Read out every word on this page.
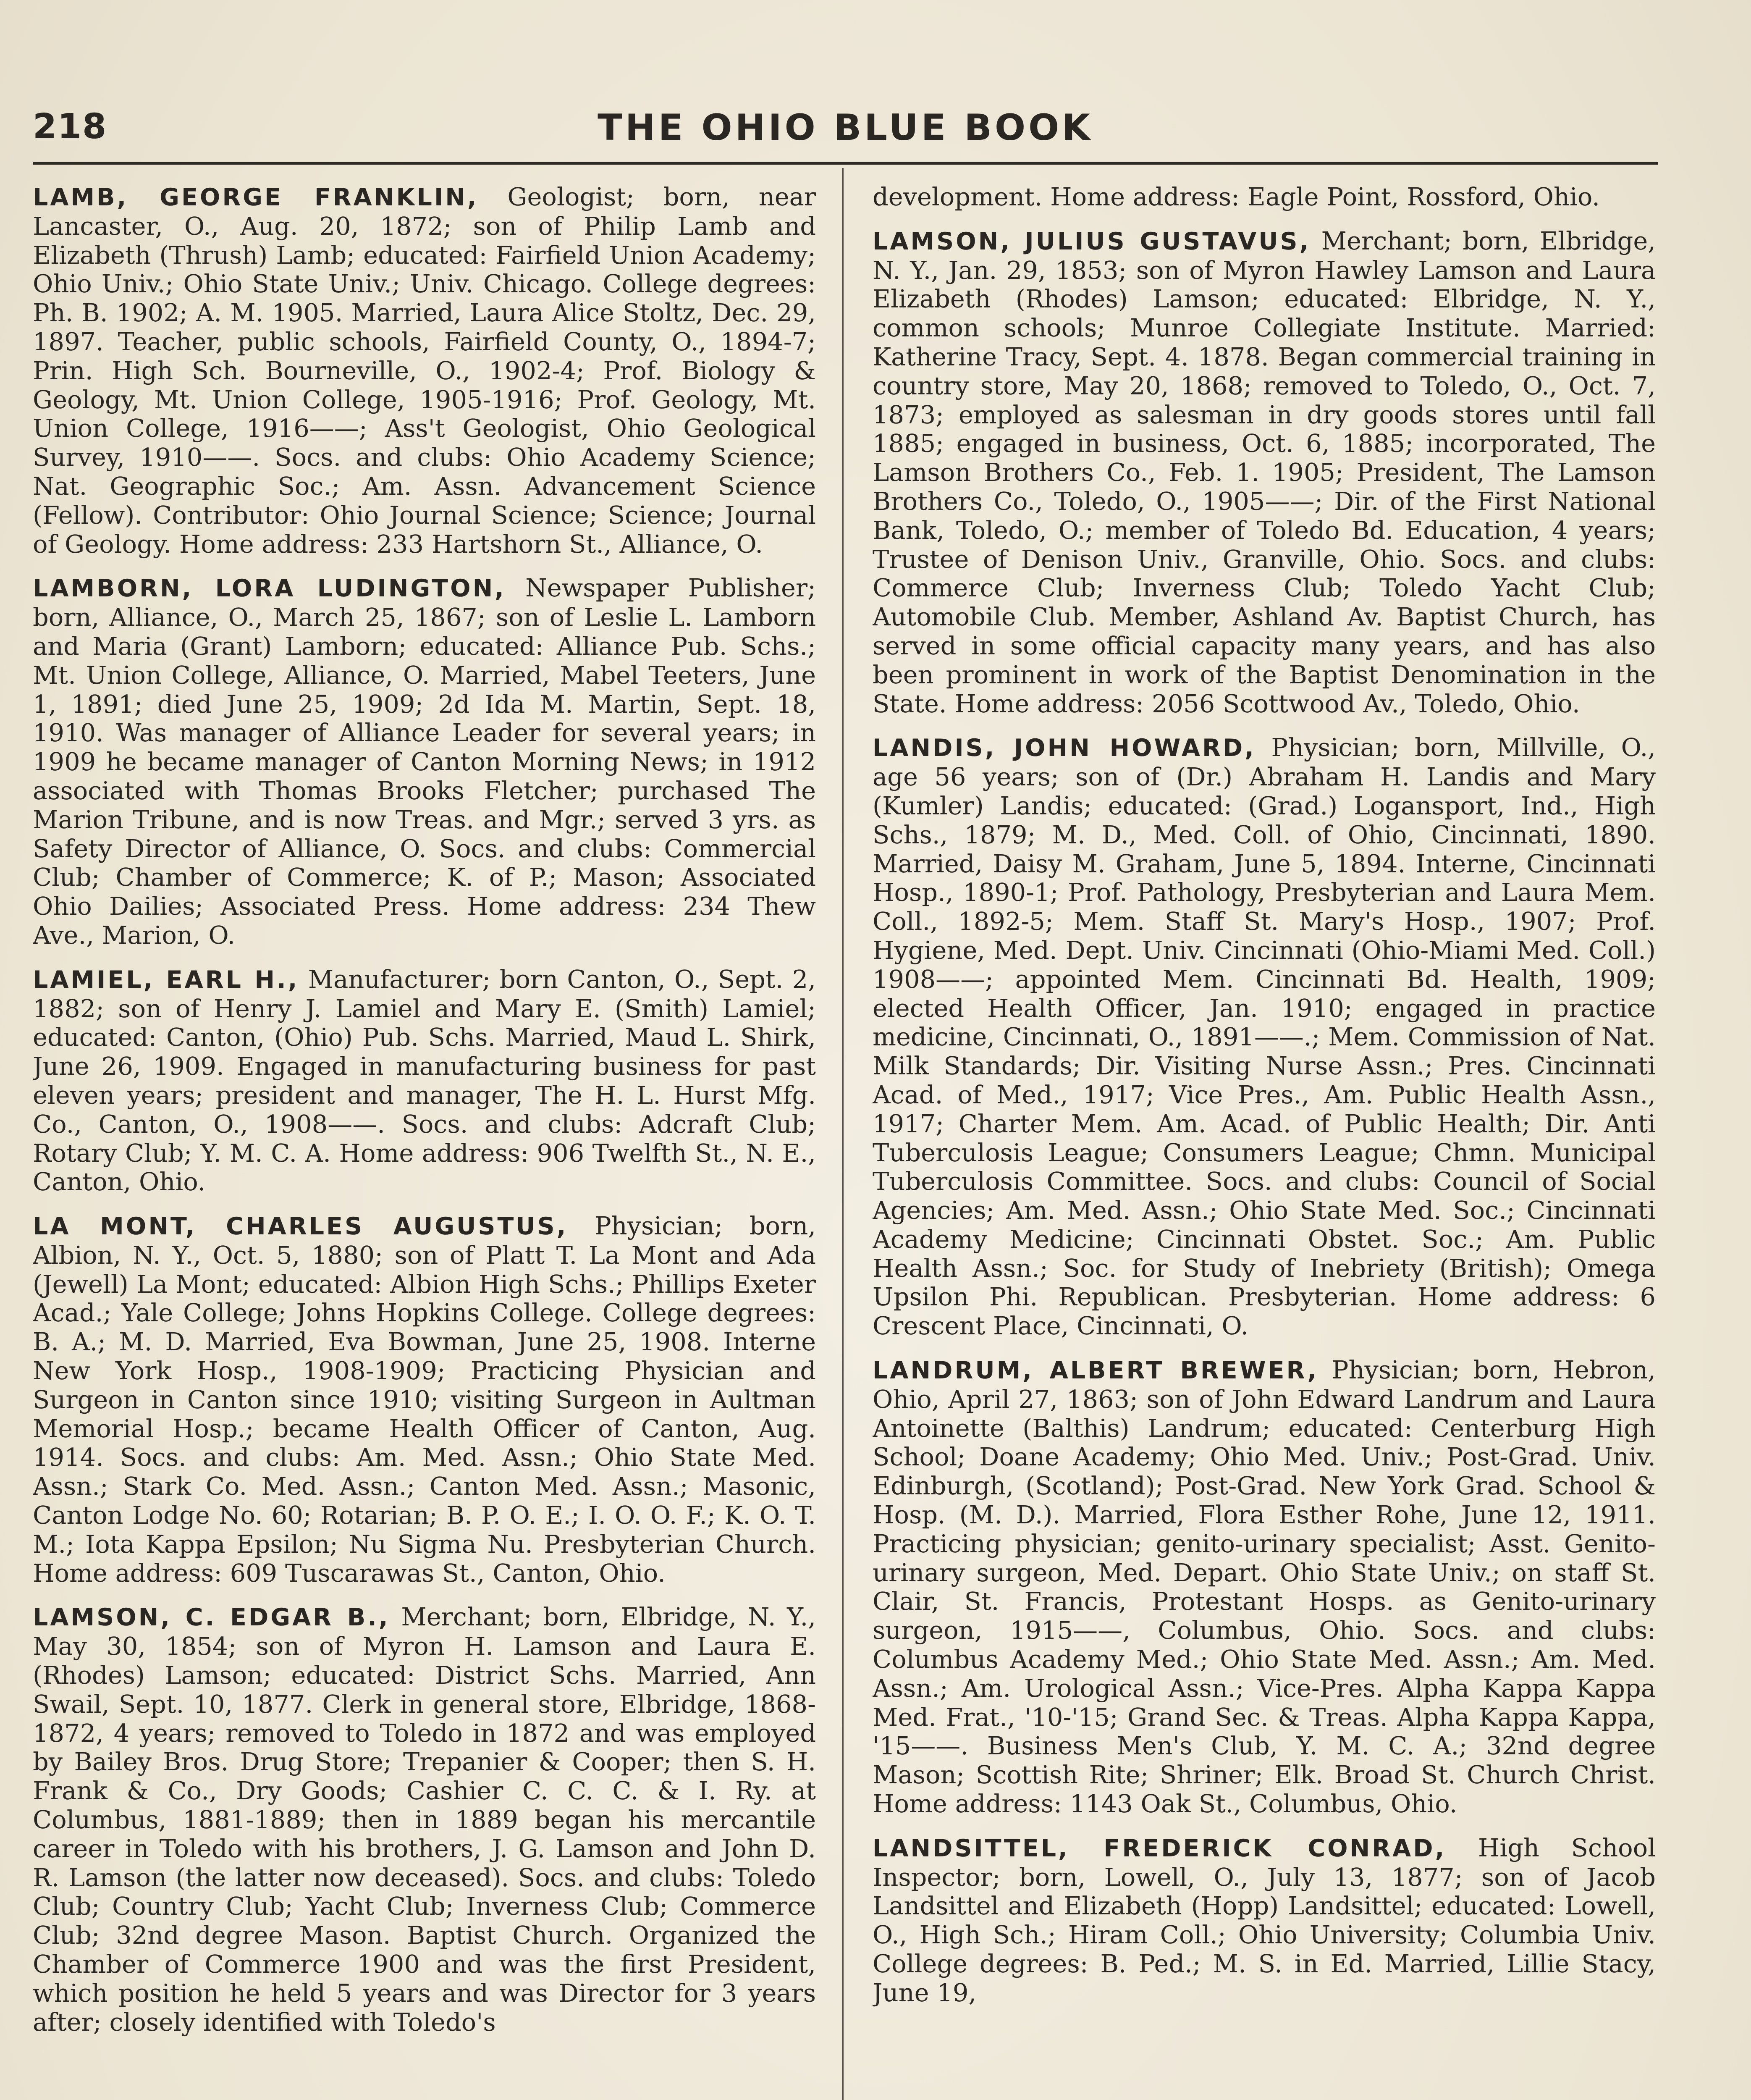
218	THE OHIO BLUE BOOK

LAMB, GEORGE FRANKLIN, Geologist; born, near Lancaster, O., Aug. 20, 1872; son of Philip Lamb and Elizabeth (Thrush) Lamb; educated: Fairfield Union Academy; Ohio Univ.; Ohio State Univ.; Univ. Chicago. College degrees: Ph. B. 1902; A. M. 1905. Married, Laura Alice Stoltz, Dec. 29, 1897. Teacher, public schools, Fairfield County, O., 1894-7; Prin. High Sch. Bourneville, O., 1902-4; Prof. Biology & Geology, Mt. Union College, 1905-1916; Prof. Geology, Mt. Union College, 1916——; Ass't Geologist, Ohio Geological Survey, 1910——. Socs. and clubs: Ohio Academy Science; Nat. Geographic Soc.; Am. Assn. Advancement Science (Fellow). Contributor: Ohio Journal Science; Science; Journal of Geology. Home address: 233 Hartshorn St., Alliance, O.

LAMBORN, LORA LUDINGTON, Newspaper Publisher; born, Alliance, O., March 25, 1867; son of Leslie L. Lamborn and Maria (Grant) Lamborn; educated: Alliance Pub. Schs.; Mt. Union College, Alliance, O. Married, Mabel Teeters, June 1, 1891; died June 25, 1909; 2d Ida M. Martin, Sept. 18, 1910. Was manager of Alliance Leader for several years; in 1909 he became manager of Canton Morning News; in 1912 associated with Thomas Brooks Fletcher; purchased The Marion Tribune, and is now Treas. and Mgr.; served 3 yrs. as Safety Director of Alliance, O. Socs. and clubs: Commercial Club; Chamber of Commerce; K. of P.; Mason; Associated Ohio Dailies; Associated Press. Home address: 234 Thew Ave., Marion, O.

LAMIEL, EARL H., Manufacturer; born Canton, O., Sept. 2, 1882; son of Henry J. Lamiel and Mary E. (Smith) Lamiel; educated: Canton, (Ohio) Pub. Schs. Married, Maud L. Shirk, June 26, 1909. Engaged in manufacturing business for past eleven years; president and manager, The H. L. Hurst Mfg. Co., Canton, O., 1908——. Socs. and clubs: Adcraft Club; Rotary Club; Y. M. C. A. Home address: 906 Twelfth St., N. E., Canton, Ohio.

LA MONT, CHARLES AUGUSTUS, Physician; born, Albion, N. Y., Oct. 5, 1880; son of Platt T. La Mont and Ada (Jewell) La Mont; educated: Albion High Schs.; Phillips Exeter Acad.; Yale College; Johns Hopkins College. College degrees: B. A.; M. D. Married, Eva Bowman, June 25, 1908. Interne New York Hosp., 1908-1909; Practicing Physician and Surgeon in Canton since 1910; visiting Surgeon in Aultman Memorial Hosp.; became Health Officer of Canton, Aug. 1914. Socs. and clubs: Am. Med. Assn.; Ohio State Med. Assn.; Stark Co. Med. Assn.; Canton Med. Assn.; Masonic, Canton Lodge No. 60; Rotarian; B. P. O. E.; I. O. O. F.; K. O. T. M.; Iota Kappa Epsilon; Nu Sigma Nu. Presbyterian Church. Home address: 609 Tuscarawas St., Canton, Ohio.

LAMSON, C. EDGAR B., Merchant; born, Elbridge, N. Y., May 30, 1854; son of Myron H. Lamson and Laura E. (Rhodes) Lamson; educated: District Schs. Married, Ann Swail, Sept. 10, 1877. Clerk in general store, Elbridge, 1868-1872, 4 years; removed to Toledo in 1872 and was employed by Bailey Bros. Drug Store; Trepanier & Cooper; then S. H. Frank & Co., Dry Goods; Cashier C. C. C. & I. Ry. at Columbus, 1881-1889; then in 1889 began his mercantile career in Toledo with his brothers, J. G. Lamson and John D. R. Lamson (the latter now deceased). Socs. and clubs: Toledo Club; Country Club; Yacht Club; Inverness Club; Commerce Club; 32nd degree Mason. Baptist Church. Organized the Chamber of Commerce 1900 and was the first President, which position he held 5 years and was Director for 3 years after; closely identified with Toledo's

development. Home address: Eagle Point, Rossford, Ohio.

LAMSON, JULIUS GUSTAVUS, Merchant; born, Elbridge, N. Y., Jan. 29, 1853; son of Myron Hawley Lamson and Laura Elizabeth (Rhodes) Lamson; educated: Elbridge, N. Y., common schools; Munroe Collegiate Institute. Married: Katherine Tracy, Sept. 4. 1878. Began commercial training in country store, May 20, 1868; removed to Toledo, O., Oct. 7, 1873; employed as salesman in dry goods stores until fall 1885; engaged in business, Oct. 6, 1885; incorporated, The Lamson Brothers Co., Feb. 1. 1905; President, The Lamson Brothers Co., Toledo, O., 1905——; Dir. of the First National Bank, Toledo, O.; member of Toledo Bd. Education, 4 years; Trustee of Denison Univ., Granville, Ohio. Socs. and clubs: Commerce Club; Inverness Club; Toledo Yacht Club; Automobile Club. Member, Ashland Av. Baptist Church, has served in some official capacity many years, and has also been prominent in work of the Baptist Denomination in the State. Home address: 2056 Scottwood Av., Toledo, Ohio.

LANDIS, JOHN HOWARD, Physician; born, Millville, O., age 56 years; son of (Dr.) Abraham H. Landis and Mary (Kumler) Landis; educated: (Grad.) Logansport, Ind., High Schs., 1879; M. D., Med. Coll. of Ohio, Cincinnati, 1890. Married, Daisy M. Graham, June 5, 1894. Interne, Cincinnati Hosp., 1890-1; Prof. Pathology, Presbyterian and Laura Mem. Coll., 1892-5; Mem. Staff St. Mary's Hosp., 1907; Prof. Hygiene, Med. Dept. Univ. Cincinnati (Ohio-Miami Med. Coll.) 1908——; appointed Mem. Cincinnati Bd. Health, 1909; elected Health Officer, Jan. 1910; engaged in practice medicine, Cincinnati, O., 1891——.; Mem. Commission of Nat. Milk Standards; Dir. Visiting Nurse Assn.; Pres. Cincinnati Acad. of Med., 1917; Vice Pres., Am. Public Health Assn., 1917; Charter Mem. Am. Acad. of Public Health; Dir. Anti Tuberculosis League; Consumers League; Chmn. Municipal Tuberculosis Committee. Socs. and clubs: Council of Social Agencies; Am. Med. Assn.; Ohio State Med. Soc.; Cincinnati Academy Medicine; Cincinnati Obstet. Soc.; Am. Public Health Assn.; Soc. for Study of Inebriety (British); Omega Upsilon Phi. Republican. Presbyterian. Home address: 6 Crescent Place, Cincinnati, O.

LANDRUM, ALBERT BREWER, Physician; born, Hebron, Ohio, April 27, 1863; son of John Edward Landrum and Laura Antoinette (Balthis) Landrum; educated: Centerburg High School; Doane Academy; Ohio Med. Univ.; Post-Grad. Univ. Edinburgh, (Scotland); Post-Grad. New York Grad. School & Hosp. (M. D.). Married, Flora Esther Rohe, June 12, 1911. Practicing physician; genito-urinary specialist; Asst. Genito-urinary surgeon, Med. Depart. Ohio State Univ.; on staff St. Clair, St. Francis, Protestant Hosps. as Genito-urinary surgeon, 1915——, Columbus, Ohio. Socs. and clubs: Columbus Academy Med.; Ohio State Med. Assn.; Am. Med. Assn.; Am. Urological Assn.; Vice-Pres. Alpha Kappa Kappa Med. Frat., '10-'15; Grand Sec. & Treas. Alpha Kappa Kappa, '15——. Business Men's Club, Y. M. C. A.; 32nd degree Mason; Scottish Rite; Shriner; Elk. Broad St. Church Christ. Home address: 1143 Oak St., Columbus, Ohio.

LANDSITTEL, FREDERICK CONRAD, High School Inspector; born, Lowell, O., July 13, 1877; son of Jacob Landsittel and Elizabeth (Hopp) Landsittel; educated: Lowell, O., High Sch.; Hiram Coll.; Ohio University; Columbia Univ. College degrees: B. Ped.; M. S. in Ed. Married, Lillie Stacy, June 19,
